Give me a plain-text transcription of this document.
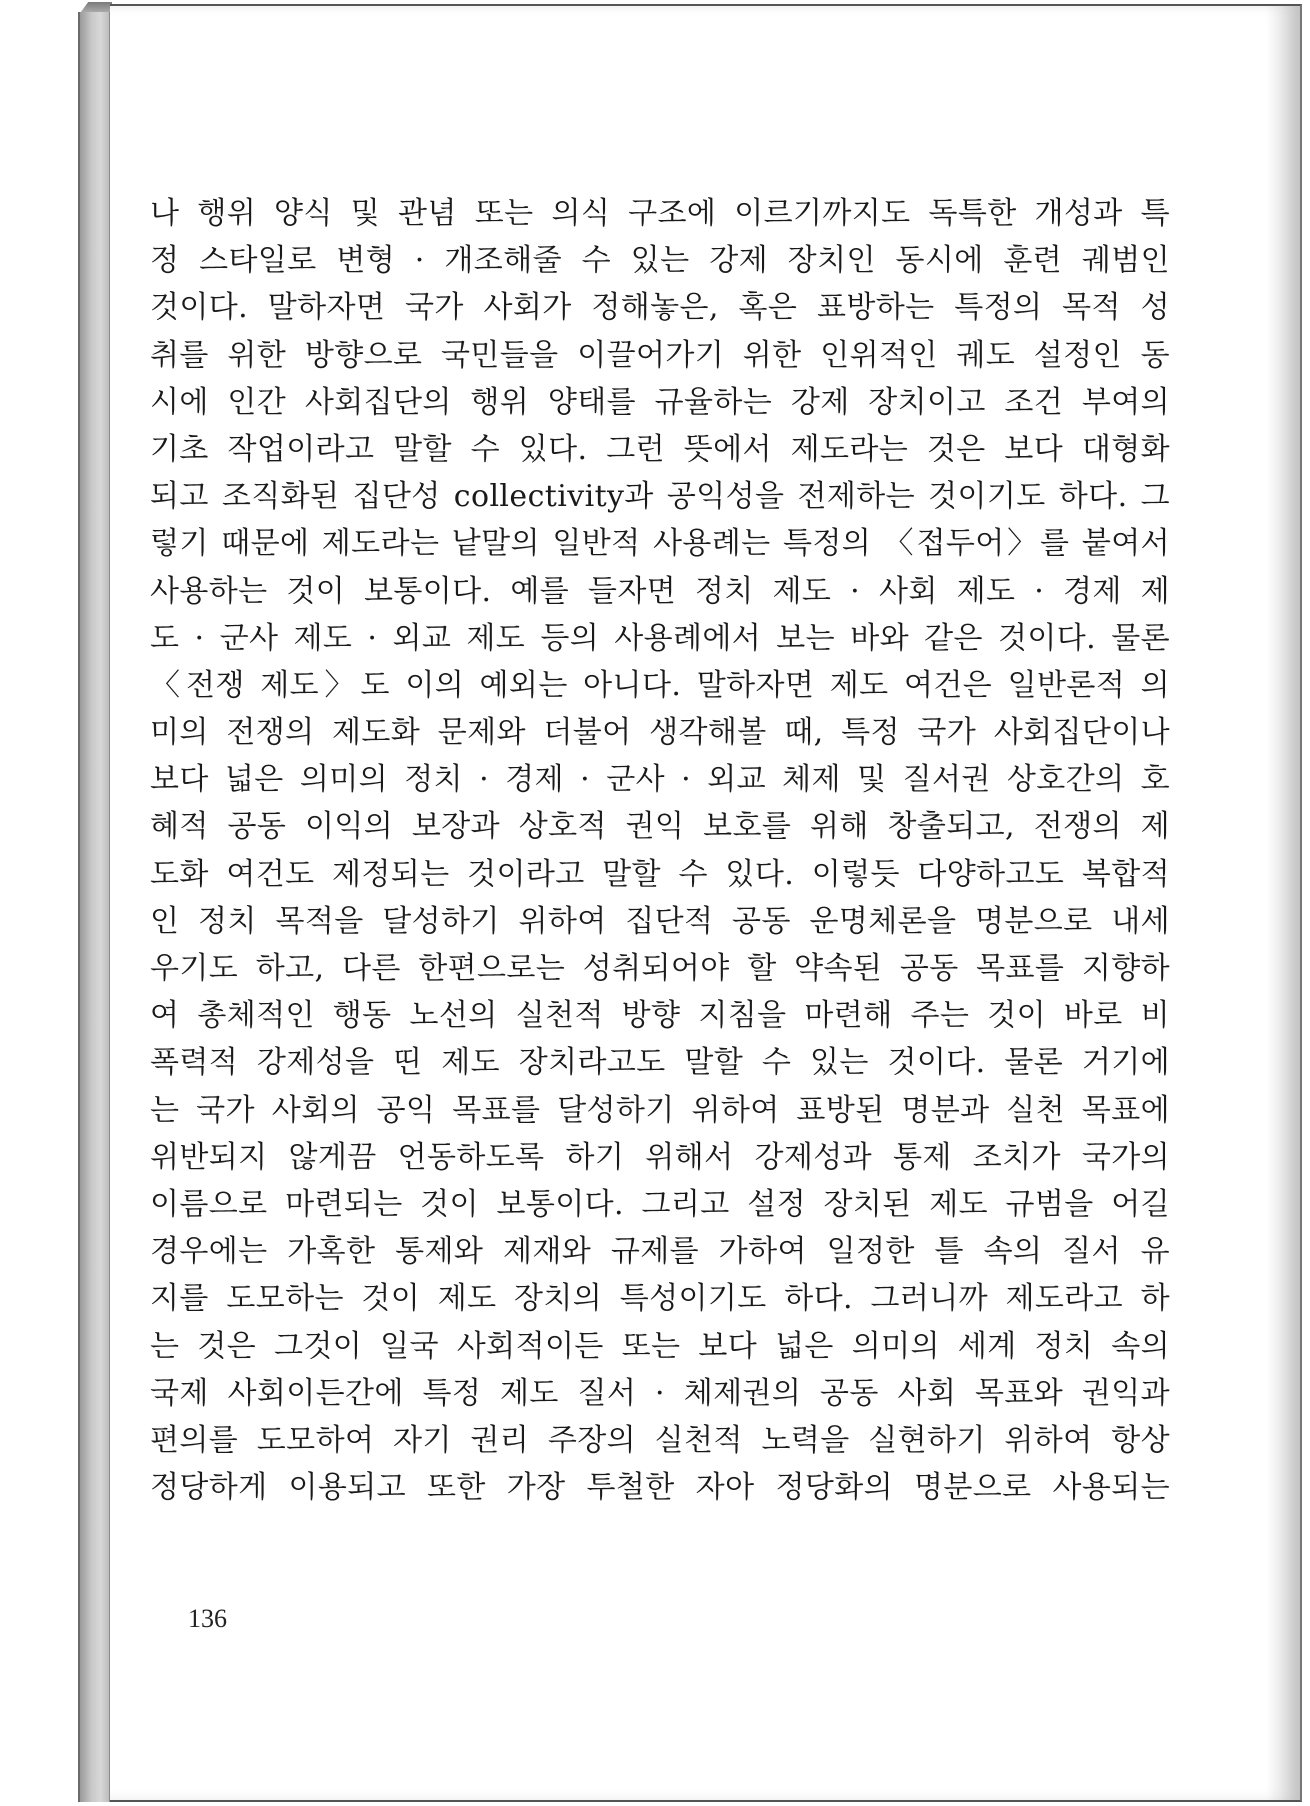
나 행위 양식 및 관념 또는 의식 구조에 이르기까지도 독특한 개성과 특
정 스타일로 변형 · 개조해줄 수 있는 강제 장치인 동시에 훈련 궤범인
것이다. 말하자면 국가 사회가 정해놓은, 혹은 표방하는 특정의 목적 성
취를 위한 방향으로 국민들을 이끌어가기 위한 인위적인 궤도 설정인 동
시에 인간 사회집단의 행위 양태를 규율하는 강제 장치이고 조건 부여의
기초 작업이라고 말할 수 있다. 그런 뜻에서 제도라는 것은 보다 대형화
되고 조직화된 집단성 collectivity과 공익성을 전제하는 것이기도 하다. 그
렇기 때문에 제도라는 낱말의 일반적 사용례는 특정의 〈접두어〉를 붙여서
사용하는 것이 보통이다. 예를 들자면 정치 제도 · 사회 제도 · 경제 제
도 · 군사 제도 · 외교 제도 등의 사용례에서 보는 바와 같은 것이다. 물론
〈전쟁 제도〉도 이의 예외는 아니다. 말하자면 제도 여건은 일반론적 의
미의 전쟁의 제도화 문제와 더불어 생각해볼 때, 특정 국가 사회집단이나
보다 넓은 의미의 정치 · 경제 · 군사 · 외교 체제 및 질서권 상호간의 호
혜적 공동 이익의 보장과 상호적 권익 보호를 위해 창출되고, 전쟁의 제
도화 여건도 제정되는 것이라고 말할 수 있다. 이렇듯 다양하고도 복합적
인 정치 목적을 달성하기 위하여 집단적 공동 운명체론을 명분으로 내세
우기도 하고, 다른 한편으로는 성취되어야 할 약속된 공동 목표를 지향하
여 총체적인 행동 노선의 실천적 방향 지침을 마련해 주는 것이 바로 비
폭력적 강제성을 띤 제도 장치라고도 말할 수 있는 것이다. 물론 거기에
는 국가 사회의 공익 목표를 달성하기 위하여 표방된 명분과 실천 목표에
위반되지 않게끔 언동하도록 하기 위해서 강제성과 통제 조치가 국가의
이름으로 마련되는 것이 보통이다. 그리고 설정 장치된 제도 규범을 어길
경우에는 가혹한 통제와 제재와 규제를 가하여 일정한 틀 속의 질서 유
지를 도모하는 것이 제도 장치의 특성이기도 하다. 그러니까 제도라고 하
는 것은 그것이 일국 사회적이든 또는 보다 넓은 의미의 세계 정치 속의
국제 사회이든간에 특정 제도 질서 · 체제권의 공동 사회 목표와 권익과
편의를 도모하여 자기 권리 주장의 실천적 노력을 실현하기 위하여 항상
정당하게 이용되고 또한 가장 투철한 자아 정당화의 명분으로 사용되는
136
